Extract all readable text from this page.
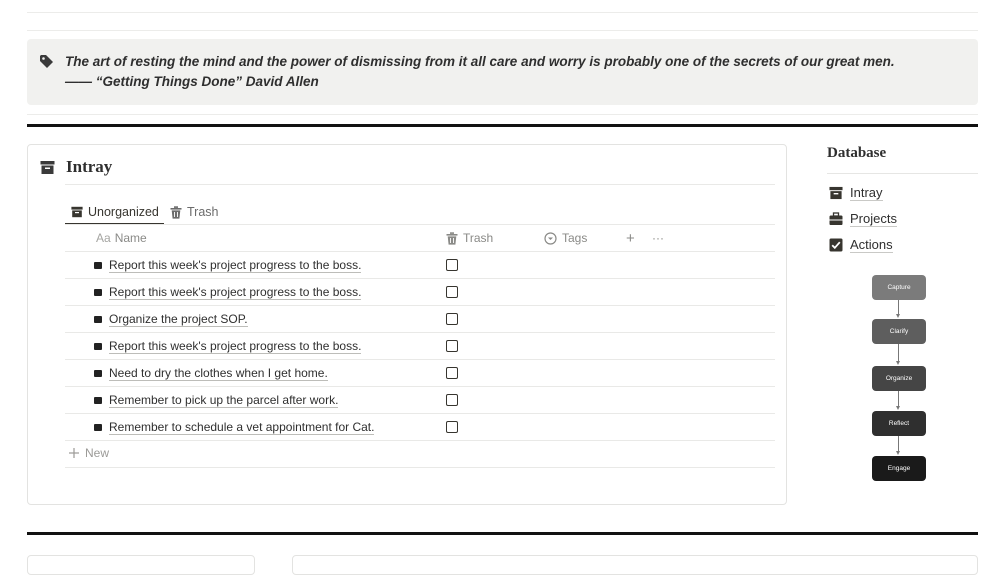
The art of resting the mind and the power of dismissing from it all care and worry is probably one of the secrets of our great men.
—— “Getting Things Done” David Allen
Intray
Unorganized Trash
Aa Name	Trash	Tags	+ ···
Report this week's project progress to the boss.
Report this week's project progress to the boss.
Organize the project SOP.
Report this week's project progress to the boss.
Need to dry the clothes when I get home.
Remember to pick up the parcel after work.
Remember to schedule a vet appointment for Cat.
New
Database
Intray
Projects
Actions
Capture
Clarify
Organize
Reflect
Engage
